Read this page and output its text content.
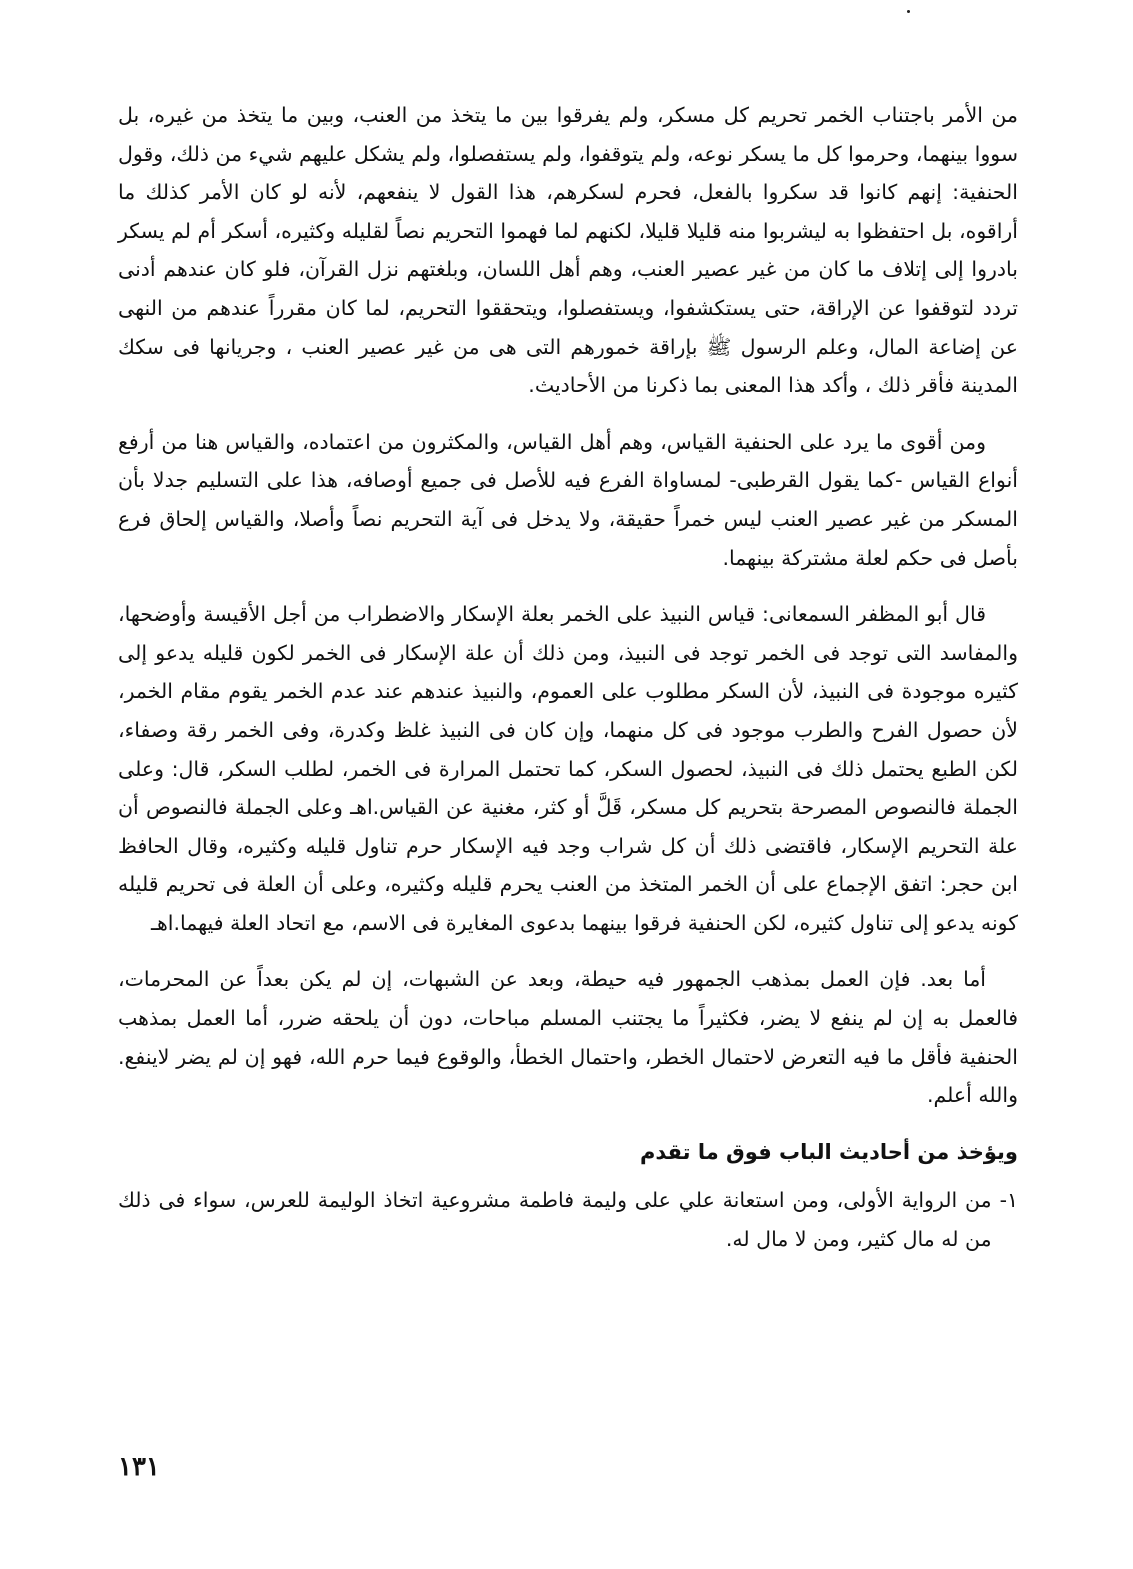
من الأمر باجتناب الخمر تحريم كل مسكر، ولم يفرقوا بين ما يتخذ من العنب، وبين ما يتخذ من غيره، بل سووا بينهما، وحرموا كل ما يسكر نوعه، ولم يتوقفوا، ولم يستفصلوا، ولم يشكل عليهم شيء من ذلك، وقول الحنفية: إنهم كانوا قد سكروا بالفعل، فحرم لسكرهم، هذا القول لا ينفعهم، لأنه لو كان الأمر كذلك ما أراقوه، بل احتفظوا به ليشربوا منه قليلا قليلا، لكنهم لما فهموا التحريم نصاً لقليله وكثيره، أسكر أم لم يسكر بادروا إلى إتلاف ما كان من غير عصير العنب، وهم أهل اللسان، وبلغتهم نزل القرآن، فلو كان عندهم أدنى تردد لتوقفوا عن الإراقة، حتى يستكشفوا، ويستفصلوا، ويتحققوا التحريم، لما كان مقرراً عندهم من النهى عن إضاعة المال، وعلم الرسول ﷺ بإراقة خمورهم التى هى من غير عصير العنب ، وجريانها فى سكك المدينة فأقر ذلك ، وأكد هذا المعنى بما ذكرنا من الأحاديث.

ومن أقوى ما يرد على الحنفية القياس، وهم أهل القياس، والمكثرون من اعتماده، والقياس هنا من أرفع أنواع القياس -كما يقول القرطبى- لمساواة الفرع فيه للأصل فى جميع أوصافه، هذا على التسليم جدلا بأن المسكر من غير عصير العنب ليس خمراً حقيقة، ولا يدخل فى آية التحريم نصاً وأصلا، والقياس إلحاق فرع بأصل فى حكم لعلة مشتركة بينهما.

قال أبو المظفر السمعانى: قياس النبيذ على الخمر بعلة الإسكار والاضطراب من أجل الأقيسة وأوضحها، والمفاسد التى توجد فى الخمر توجد فى النبيذ، ومن ذلك أن علة الإسكار فى الخمر لكون قليله يدعو إلى كثيره موجودة فى النبيذ، لأن السكر مطلوب على العموم، والنبيذ عندهم عند عدم الخمر يقوم مقام الخمر، لأن حصول الفرح والطرب موجود فى كل منهما، وإن كان فى النبيذ غلظ وكدرة، وفى الخمر رقة وصفاء، لكن الطبع يحتمل ذلك فى النبيذ، لحصول السكر، كما تحتمل المرارة فى الخمر، لطلب السكر، قال: وعلى الجملة فالنصوص المصرحة بتحريم كل مسكر، قَلَّ أو كثر، مغنية عن القياس.اهـ وعلى الجملة فالنصوص أن علة التحريم الإسكار، فاقتضى ذلك أن كل شراب وجد فيه الإسكار حرم تناول قليله وكثيره، وقال الحافظ ابن حجر: اتفق الإجماع على أن الخمر المتخذ من العنب يحرم قليله وكثيره، وعلى أن العلة فى تحريم قليله كونه يدعو إلى تناول كثيره، لكن الحنفية فرقوا بينهما بدعوى المغايرة فى الاسم، مع اتحاد العلة فيهما.اهـ

أما بعد. فإن العمل بمذهب الجمهور فيه حيطة، وبعد عن الشبهات، إن لم يكن بعداً عن المحرمات، فالعمل به إن لم ينفع لا يضر، فكثيراً ما يجتنب المسلم مباحات، دون أن يلحقه ضرر، أما العمل بمذهب الحنفية فأقل ما فيه التعرض لاحتمال الخطر، واحتمال الخطأ، والوقوع فيما حرم الله، فهو إن لم يضر لاينفع. والله أعلم.

ويؤخذ من أحاديث الباب فوق ما تقدم
١-
من الرواية الأولى، ومن استعانة علي على وليمة فاطمة مشروعية اتخاذ الوليمة للعرس، سواء فى ذلك من له مال كثير، ومن لا مال له.
١٣١
